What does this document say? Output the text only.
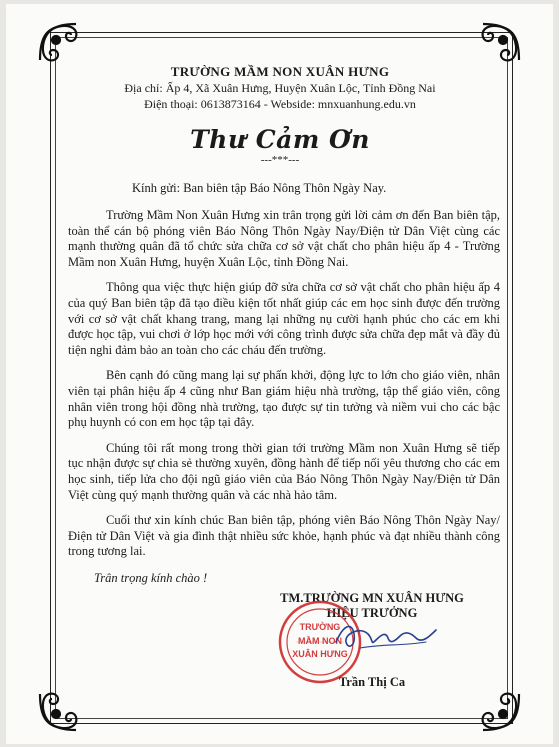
TRƯỜNG MẦM NON XUÂN HƯNG

Địa chỉ: Ấp 4, Xã Xuân Hưng, Huyện Xuân Lộc, Tỉnh Đồng Nai

Điện thoại: 0613873164 - Webside: mnxuanhung.edu.vn

Thư Cảm Ơn

---***---

Kính gửi: Ban biên tập Báo Nông Thôn Ngày Nay.

Trường Mầm Non Xuân Hưng xin trân trọng gửi lời cảm ơn đến Ban biên tập, toàn thể cán bộ phóng viên Báo Nông Thôn Ngày Nay/Điện tử Dân Việt cùng các mạnh thường quân đã tổ chức sửa chữa cơ sở vật chất cho phân hiệu ấp 4 - Trường Mầm non Xuân Hưng, huyện Xuân Lộc, tỉnh Đồng Nai.

Thông qua việc thực hiện giúp đỡ sửa chữa cơ sở vật chất cho phân hiệu ấp 4 của quý Ban biên tập đã tạo điều kiện tốt nhất giúp các em học sinh được đến trường với cơ sở vật chất khang trang, mang lại những nụ cười hạnh phúc cho các em khi được học tập, vui chơi ở lớp học mới với công trình được sửa chữa đẹp mắt và đầy đủ tiện nghi đảm bảo an toàn cho các cháu đến trường.

Bên cạnh đó cũng mang lại sự phấn khởi, động lực to lớn cho giáo viên, nhân viên tại phân hiệu ấp 4 cũng như Ban giám hiệu nhà trường, tập thể giáo viên, công nhân viên trong hội đồng nhà trường, tạo được sự tin tưởng và niềm vui cho các bậc phụ huynh có con em học tập tại đây.

Chúng tôi rất mong trong thời gian tới trường Mầm non Xuân Hưng sẽ tiếp tục nhận được sự chia sẻ thường xuyên, đồng hành để tiếp nối yêu thương cho các em học sinh, tiếp lửa cho đội ngũ giáo viên của Báo Nông Thôn Ngày Nay/Điện tử Dân Việt cùng quý mạnh thường quân và các nhà hảo tâm.

Cuối thư xin kính chúc Ban biên tập, phóng viên Báo Nông Thôn Ngày Nay/Điện tử Dân Việt và gia đình thật nhiều sức khỏe, hạnh phúc và đạt nhiều thành công trong tương lai.

Trân trọng kính chào !

TM.TRƯỜNG MN XUÂN HƯNG

HIỆU TRƯỞNG

TRƯỜNG
MẦM NON
XUÂN HƯNG
Trần Thị Ca
